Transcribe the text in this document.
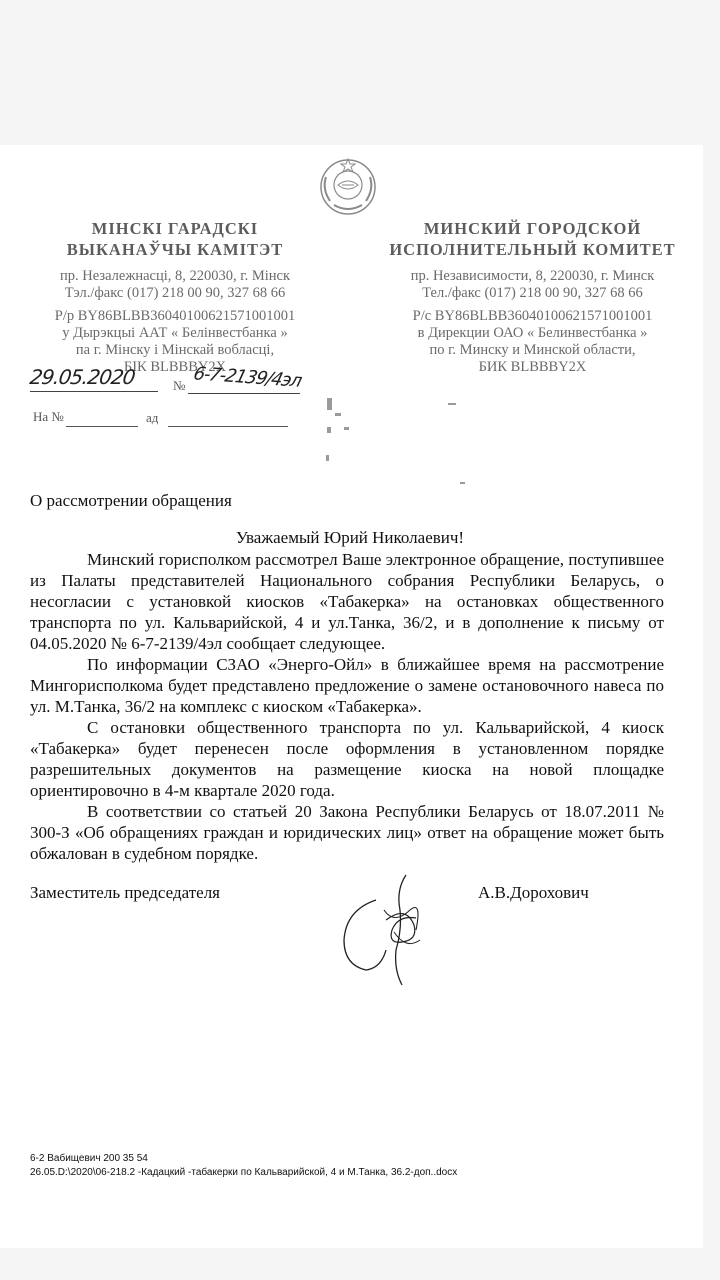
МІНСКІ ГАРАДСКІ
ВЫКАНАЎЧЫ КАМІТЭТ
пр. Незалежнасці, 8, 220030, г. Мінск
Тэл./факс (017) 218 00 90, 327 68 66
Р/р BY86BLBB36040100621571001001
у Дырэкцыі ААТ « Белінвестбанка »
па г. Мінску і Мінскай вобласці,
БІК BLBBBY2X
МИНСКИЙ ГОРОДСКОЙ
ИСПОЛНИТЕЛЬНЫЙ КОМИТЕТ
пр. Независимости, 8, 220030, г. Минск
Тел./факс (017) 218 00 90, 327 68 66
Р/с BY86BLBB36040100621571001001
в Дирекции ОАО « Белинвестбанка »
по г. Минску и Минской области,
БИК BLBBBY2X
29.05.2020	№ 6-7-2139/4эл
На №	ад
О рассмотрении обращения
Уважаемый Юрий Николаевич!

Минский горисполком рассмотрел Ваше электронное обращение, поступившее из Палаты представителей Национального собрания Республики Беларусь, о несогласии с установкой киосков «Табакерка» на остановках общественного транспорта по ул. Кальварийской, 4 и ул.Танка, 36/2, и в дополнение к письму от 04.05.2020 № 6-7-2139/4эл сообщает следующее.

По информации СЗАО «Энерго-Ойл» в ближайшее время на рассмотрение Мингорисполкома будет представлено предложение о замене остановочного навеса по ул. М.Танка, 36/2 на комплекс с киоском «Табакерка».

С остановки общественного транспорта по ул. Кальварийской, 4 киоск «Табакерка» будет перенесен после оформления в установленном порядке разрешительных документов на размещение киоска на новой площадке ориентировочно в 4-м квартале 2020 года.

В соответствии со статьей 20 Закона Республики Беларусь от 18.07.2011 № 300-З «Об обращениях граждан и юридических лиц» ответ на обращение может быть обжалован в судебном порядке.

Заместитель председателя	А.В.Дорохович
6-2 Вабищевич 200 35 54
26.05.D:\2020\06-218.2 -Кадацкий -табакерки по Кальварийской, 4 и М.Танка, 36.2-доп..docx
